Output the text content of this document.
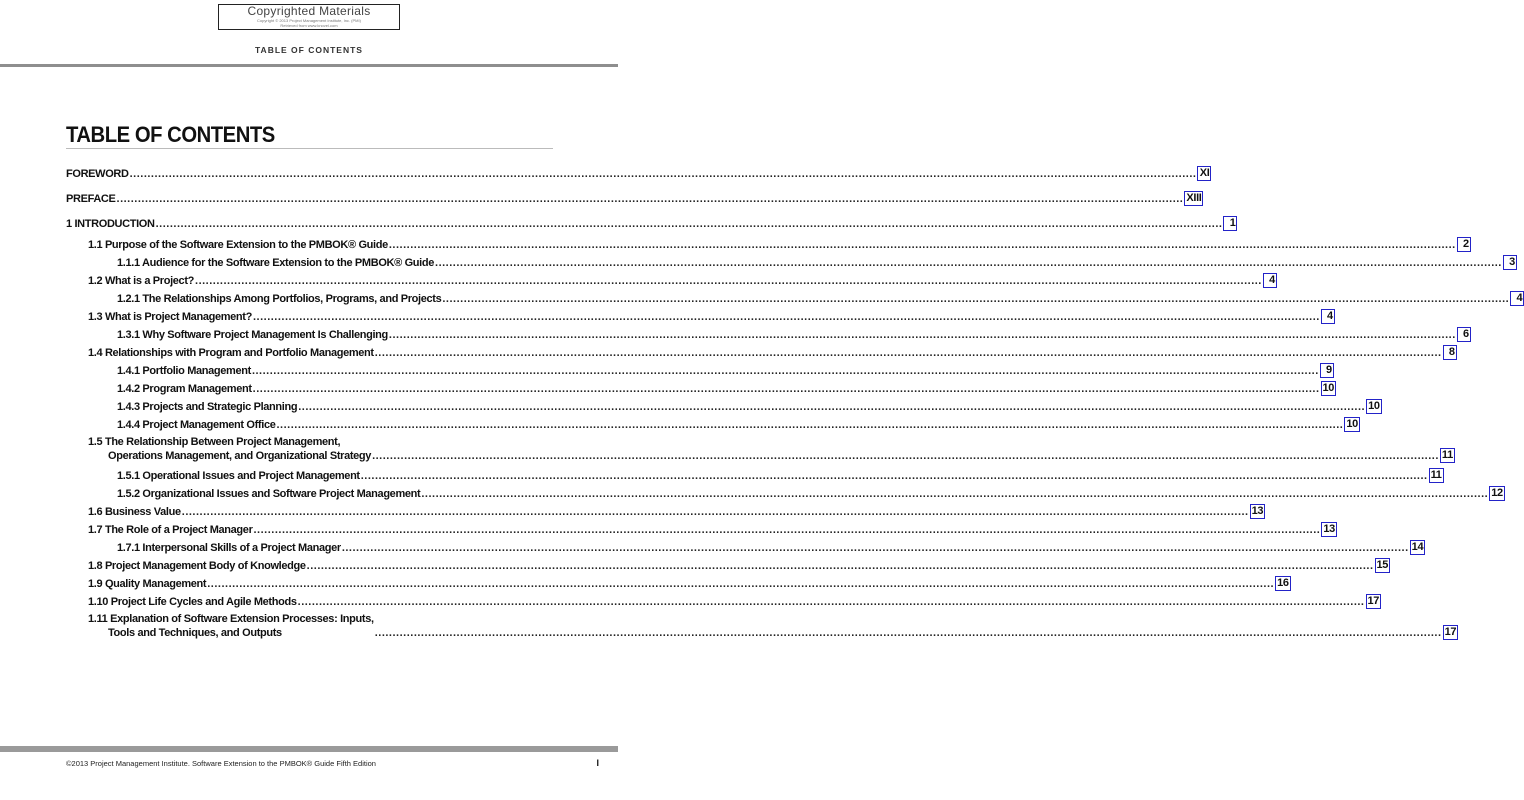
Copyrighted Materials
Copyright © 2013 Project Management Institute, Inc. (PMI)
Retrieved from www.knovel.com
TABLE OF CONTENTS
TABLE OF CONTENTS
FOREWORD ............................................................................................................................................................................................................................................................................................................ XI
PREFACE ............................................................................................................................................................................................................................................................................................................ XIII
1 INTRODUCTION ............................................................................................................................................................................................................................................................................................................ 1
1.1 Purpose of the Software Extension to the PMBOK® Guide ............................................................................................................................................................................................................................................................................................................ 2
1.1.1 Audience for the Software Extension to the PMBOK® Guide ............................................................................................................................................................................................................................................................................................................ 3
1.2 What is a Project? ............................................................................................................................................................................................................................................................................................................ 4
1.2.1 The Relationships Among Portfolios, Programs, and Projects ............................................................................................................................................................................................................................................................................................................ 4
1.3 What is Project Management? ............................................................................................................................................................................................................................................................................................................ 4
1.3.1 Why Software Project Management Is Challenging ............................................................................................................................................................................................................................................................................................................ 6
1.4 Relationships with Program and Portfolio Management ............................................................................................................................................................................................................................................................................................................ 8
1.4.1 Portfolio Management ............................................................................................................................................................................................................................................................................................................ 9
1.4.2 Program Management ............................................................................................................................................................................................................................................................................................................ 10
1.4.3 Projects and Strategic Planning ............................................................................................................................................................................................................................................................................................................ 10
1.4.4 Project Management Office ............................................................................................................................................................................................................................................................................................................ 10
1.5 The Relationship Between Project Management,
Operations Management, and Organizational Strategy ............................................................................................................................................................................................................................................................................................................ 11
1.5.1 Operational Issues and Project Management ............................................................................................................................................................................................................................................................................................................ 11
1.5.2 Organizational Issues and Software Project Management ............................................................................................................................................................................................................................................................................................................ 12
1.6 Business Value ............................................................................................................................................................................................................................................................................................................ 13
1.7 The Role of a Project Manager ............................................................................................................................................................................................................................................................................................................ 13
1.7.1 Interpersonal Skills of a Project Manager ............................................................................................................................................................................................................................................................................................................ 14
1.8 Project Management Body of Knowledge ............................................................................................................................................................................................................................................................................................................ 15
1.9 Quality Management ............................................................................................................................................................................................................................................................................................................ 16
1.10 Project Life Cycles and Agile Methods ............................................................................................................................................................................................................................................................................................................ 17
1.11 Explanation of Software Extension Processes: Inputs,
Tools and Techniques, and Outputs	............................................................................................................................................................................................................................................................................................................ 17
©2013 Project Management Institute. Software Extension to the PMBOK® Guide Fifth Edition	I
